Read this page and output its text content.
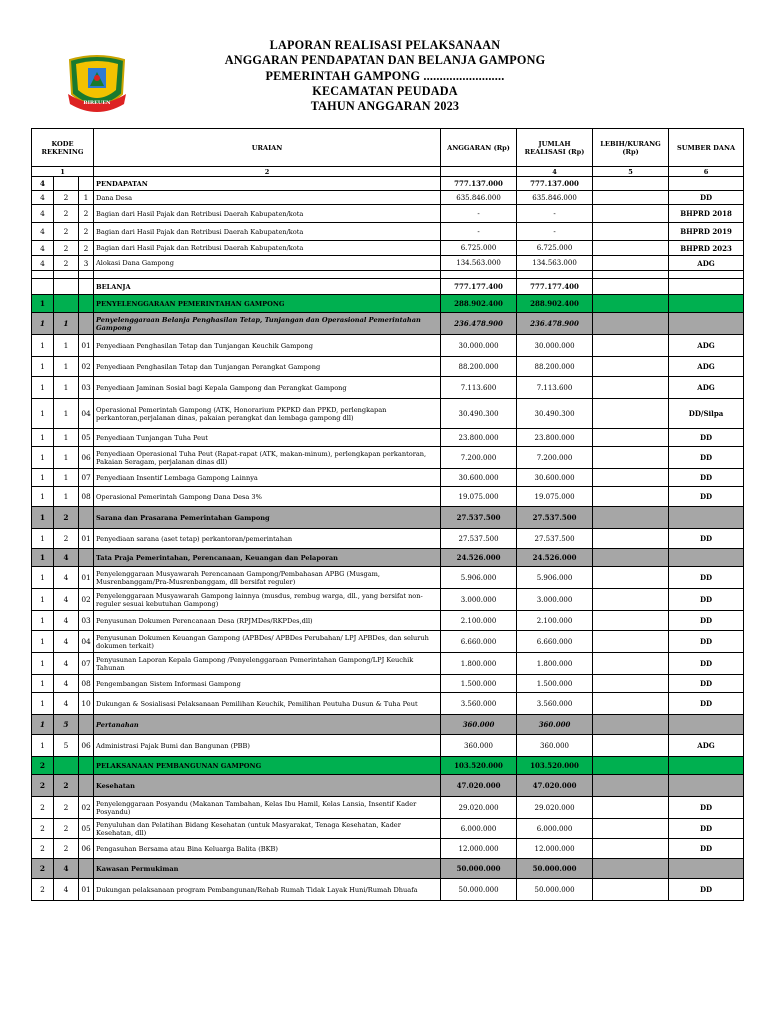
BIREUEN
LAPORAN REALISASI PELAKSANAAN
ANGGARAN PENDAPATAN DAN BELANJA GAMPONG
PEMERINTAH GAMPONG .........................
KECAMATAN PEUDADA
TAHUN ANGGARAN 2023
KODE REKENING			URAIAN	ANGGARAN (Rp)	JUMLAH REALISASI (Rp)	LEBIH/KURANG (Rp)	SUMBER DANA
1			2		4	5	6
4			PENDAPATAN	777.137.000	777.137.000		
4	2	1	Dana Desa	635.846.000	635.846.000		DD
4	2	2	Bagian dari Hasil Pajak dan Retribusi Daerah Kabupaten/kota	-	-		BHPRD 2018
4	2	2	Bagian dari Hasil Pajak dan Retribusi Daerah Kabupaten/kota	-	-		BHPRD 2019
4	2	2	Bagian dari Hasil Pajak dan Retribusi Daerah Kabupaten/kota	6.725.000	6.725.000		BHPRD 2023
4	2	3	Alokasi Dana Gampong	134.563.000	134.563.000		ADG

			BELANJA	777.177.400	777.177.400		
1			PENYELENGGARAAN PEMERINTAHAN GAMPONG	288.902.400	288.902.400		
1	1		Penyelenggaraan Belanja Penghasilan Tetap, Tunjangan dan Operasional Pemerintahan Gampong	236.478.900	236.478.900		
1	1	01	Penyediaan Penghasilan Tetap dan Tunjangan Keuchik Gampong	30.000.000	30.000.000		ADG
1	1	02	Penyediaan Penghasilan Tetap dan Tunjangan Perangkat Gampong	88.200.000	88.200.000		ADG
1	1	03	Penyediaan Jaminan Sosial bagi Kepala Gampong dan Perangkat Gampong	7.113.600	7.113.600		ADG
1	1	04	Operasional Pemerintah Gampong (ATK, Honorarium PKPKD dan PPKD, perlengkapan perkantoran,perjalanan dinas, pakaian perangkat dan lembaga gampong dll)	30.490.300	30.490.300		DD/Silpa
1	1	05	Penyediaan Tunjangan Tuha Peut	23.800.000	23.800.000		DD
1	1	06	Penyediaan Operasional Tuha Peut (Rapat-rapat (ATK, makan-minum), perlengkapan perkantoran, Pakaian Seragam, perjalanan dinas dll)	7.200.000	7.200.000		DD
1	1	07	Penyediaan Insentif Lembaga Gampong Lainnya	30.600.000	30.600.000		DD
1	1	08	Operasional Pemerintah Gampong Dana Desa 3%	19.075.000	19.075.000		DD
1	2		Sarana dan Prasarana Pemerintahan Gampong	27.537.500	27.537.500		
1	2	01	Penyediaan sarana (aset tetap) perkantoran/pemerintahan	27.537.500	27.537.500		DD
1	4		Tata Praja Pemerintahan, Perencanaan, Keuangan dan Pelaporan	24.526.000	24.526.000		
1	4	01	Penyelenggaraan Musyawarah Perencanaan Gampong/Pembahasan APBG (Musgam, Musrenbanggam/Pra-Musrenbanggam, dll bersifat reguler)	5.906.000	5.906.000		DD
1	4	02	Penyelenggaraan Musyawarah Gampong lainnya (musdus, rembug warga, dll., yang bersifat non-reguler sesuai kebutuhan Gampong)	3.000.000	3.000.000		DD
1	4	03	Penyusunan Dokumen Perencanaan Desa (RPJMDes/RKPDes,dll)	2.100.000	2.100.000		DD
1	4	04	Penyusunan Dokumen Keuangan Gampong (APBDes/ APBDes Perubahan/ LPJ APBDes, dan seluruh dokumen terkait)	6.660.000	6.660.000		DD
1	4	07	Penyusunan Laporan Kepala Gampong /Penyelenggaraan Pemerintahan Gampong/LPJ Keuchik Tahunan	1.800.000	1.800.000		DD
1	4	08	Pengembangan Sistem Informasi Gampong	1.500.000	1.500.000		DD
1	4	10	Dukungan & Sosialisasi Pelaksanaan Pemilihan Keuchik, Pemilihan Peutuha Dusun & Tuha Peut	3.560.000	3.560.000		DD
1	5		Pertanahan	360.000	360.000		
1	5	06	Administrasi Pajak Bumi dan Bangunan (PBB)	360.000	360.000		ADG
2			PELAKSANAAN PEMBANGUNAN GAMPONG	103.520.000	103.520.000		
2	2		Kesehatan	47.020.000	47.020.000		
2	2	02	Penyelenggaraan Posyandu (Makanan Tambahan, Kelas Ibu Hamil, Kelas Lansia, Insentif Kader Posyandu)	29.020.000	29.020.000		DD
2	2	05	Penyuluhan dan Pelatihan Bidang Kesehatan (untuk Masyarakat, Tenaga Kesehatan, Kader Kesehatan, dll)	6.000.000	6.000.000		DD
2	2	06	Pengasuhan Bersama atau Bina Keluarga Balita (BKB)	12.000.000	12.000.000		DD
2	4		Kawasan Permukiman	50.000.000	50.000.000		
2	4	01	Dukungan pelaksanaan program Pembangunan/Rehab Rumah Tidak Layak Huni/Rumah Dhuafa	50.000.000	50.000.000		DD
